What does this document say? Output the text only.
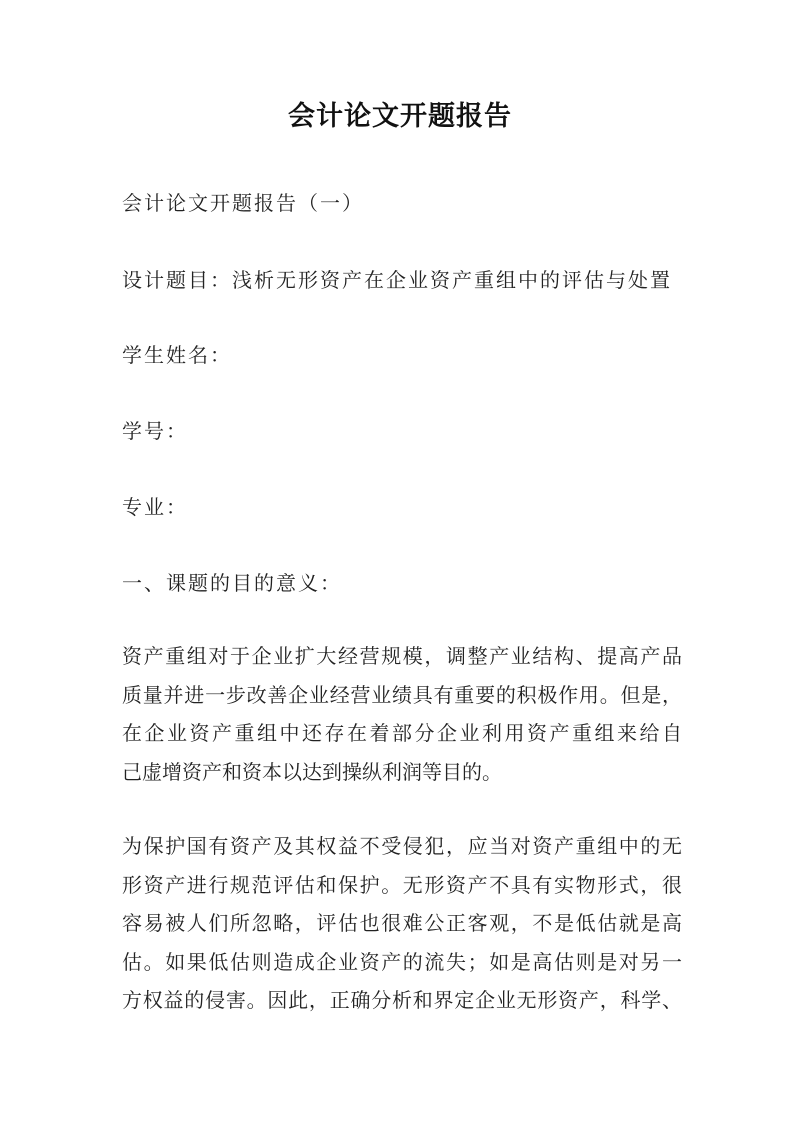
会计论文开题报告
会计论文开题报告（一）
设计题目：浅析无形资产在企业资产重组中的评估与处置
学生姓名：
学号：
专业：
一、课题的目的意义：
资产重组对于企业扩大经营规模，调整产业结构、提高产品
质量并进一步改善企业经营业绩具有重要的积极作用。但是，
在企业资产重组中还存在着部分企业利用资产重组来给自
己虚增资产和资本以达到操纵利润等目的。
为保护国有资产及其权益不受侵犯，应当对资产重组中的无
形资产进行规范评估和保护。无形资产不具有实物形式，很
容易被人们所忽略，评估也很难公正客观，不是低估就是高
估。如果低估则造成企业资产的流失；如是高估则是对另一
方权益的侵害。因此，正确分析和界定企业无形资产，科学、
